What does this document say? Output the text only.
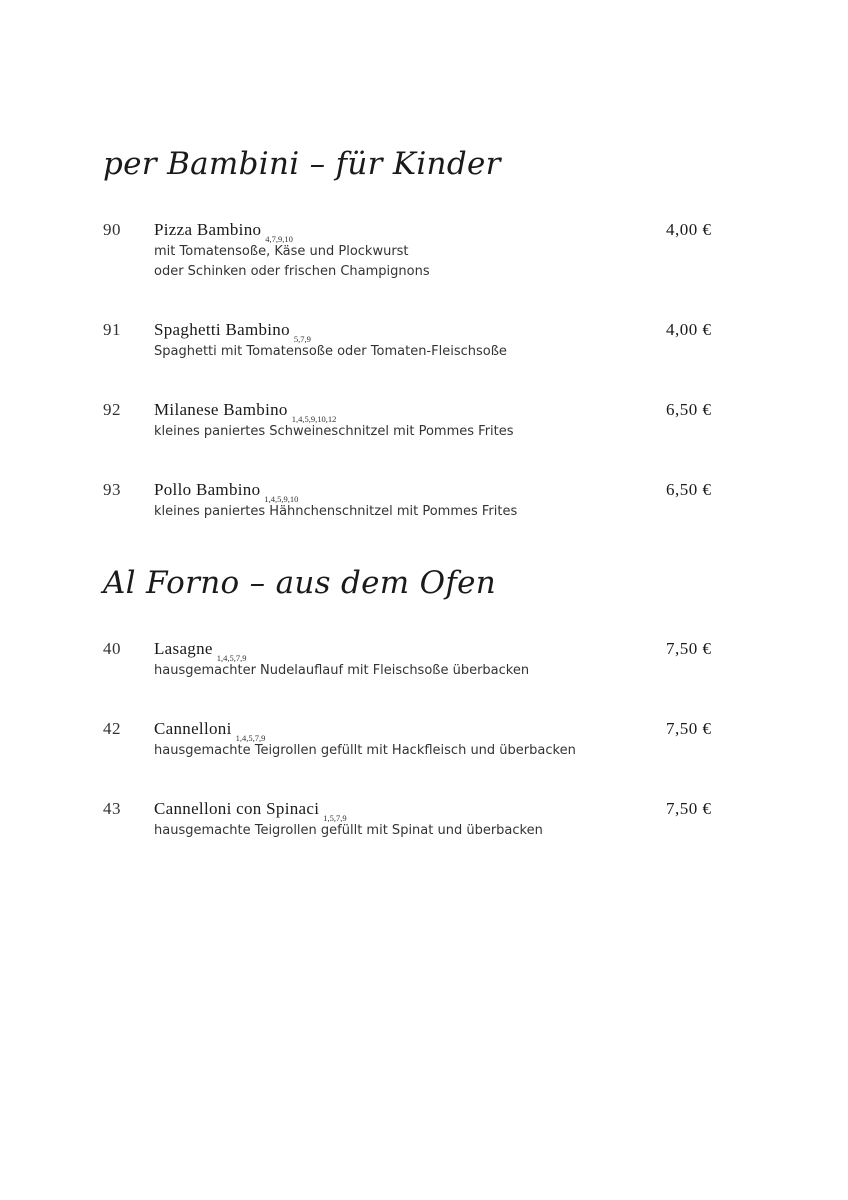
per Bambini – für Kinder
90 Pizza Bambino $_{4,7,9,10}$
mit Tomatensoße, Käse und Plockwurst
oder Schinken oder frischen Champignons
4,00 €
91 Spaghetti Bambino $_{5,7,9}$
Spaghetti mit Tomatensoße oder Tomaten-Fleischsoße
4,00 €
92 Milanese Bambino $_{1,4,5,9,10,12}$
kleines paniertes Schweineschnitzel mit Pommes Frites
6,50 €
93 Pollo Bambino $_{1,4,5,9,10}$
kleines paniertes Hähnchenschnitzel mit Pommes Frites
6,50 €
Al Forno – aus dem Ofen
40 Lasagne $_{1,4,5,7,9}$
hausgemachter Nudelauflauf mit Fleischsoße überbacken
7,50 €
42 Cannelloni $_{1,4,5,7,9}$
hausgemachte Teigrollen gefüllt mit Hackfleisch und überbacken
7,50 €
43 Cannelloni con Spinaci $_{1,5,7,9}$
hausgemachte Teigrollen gefüllt mit Spinat und überbacken
7,50 €
